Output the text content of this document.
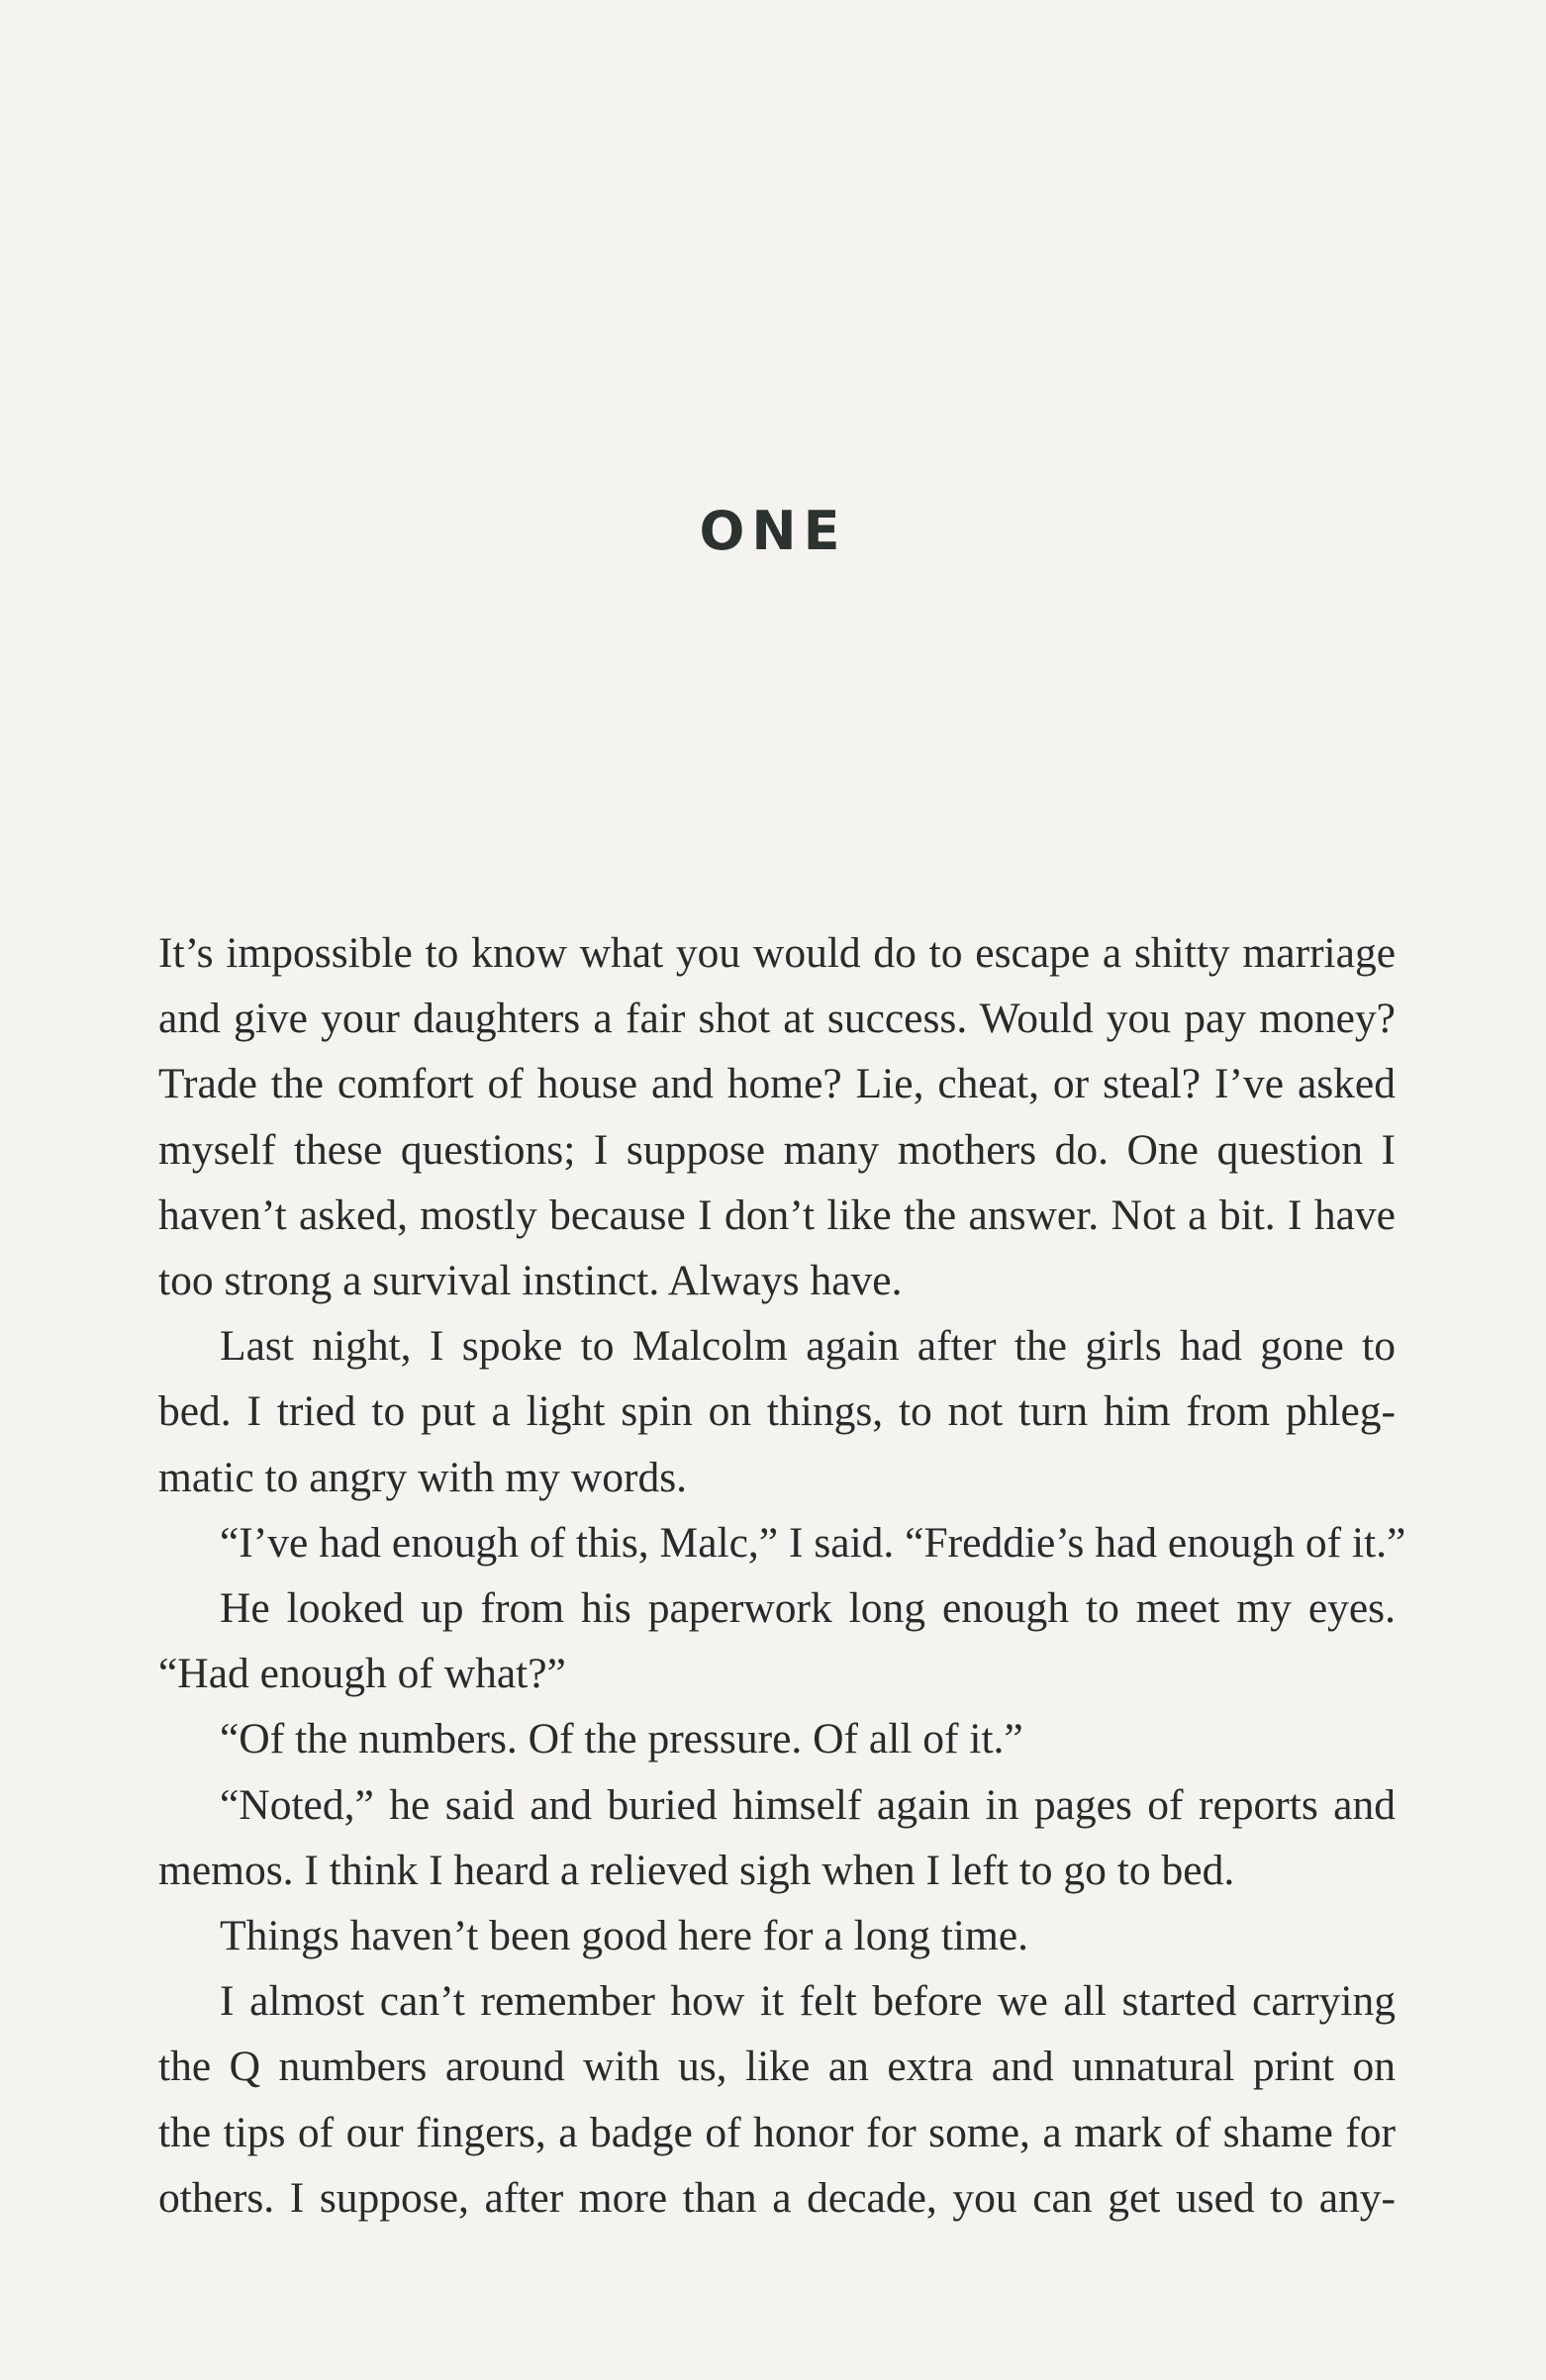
ONE
It’s impossible to know what you would do to escape a shitty marriage
and give your daughters a fair shot at success. Would you pay money?
Trade the comfort of house and home? Lie, cheat, or steal? I’ve asked
myself these questions; I suppose many mothers do. One question I
haven’t asked, mostly because I don’t like the answer. Not a bit. I have
too strong a survival instinct. Always have.
Last night, I spoke to Malcolm again after the girls had gone to
bed. I tried to put a light spin on things, to not turn him from phleg-
matic to angry with my words.
“I’ve had enough of this, Malc,” I said. “Freddie’s had enough of it.”
He looked up from his paperwork long enough to meet my eyes.
“Had enough of what?”
“Of the numbers. Of the pressure. Of all of it.”
“Noted,” he said and buried himself again in pages of reports and
memos. I think I heard a relieved sigh when I left to go to bed.
Things haven’t been good here for a long time.
I almost can’t remember how it felt before we all started carrying
the Q numbers around with us, like an extra and unnatural print on
the tips of our fingers, a badge of honor for some, a mark of shame for
others. I suppose, after more than a decade, you can get used to any-
